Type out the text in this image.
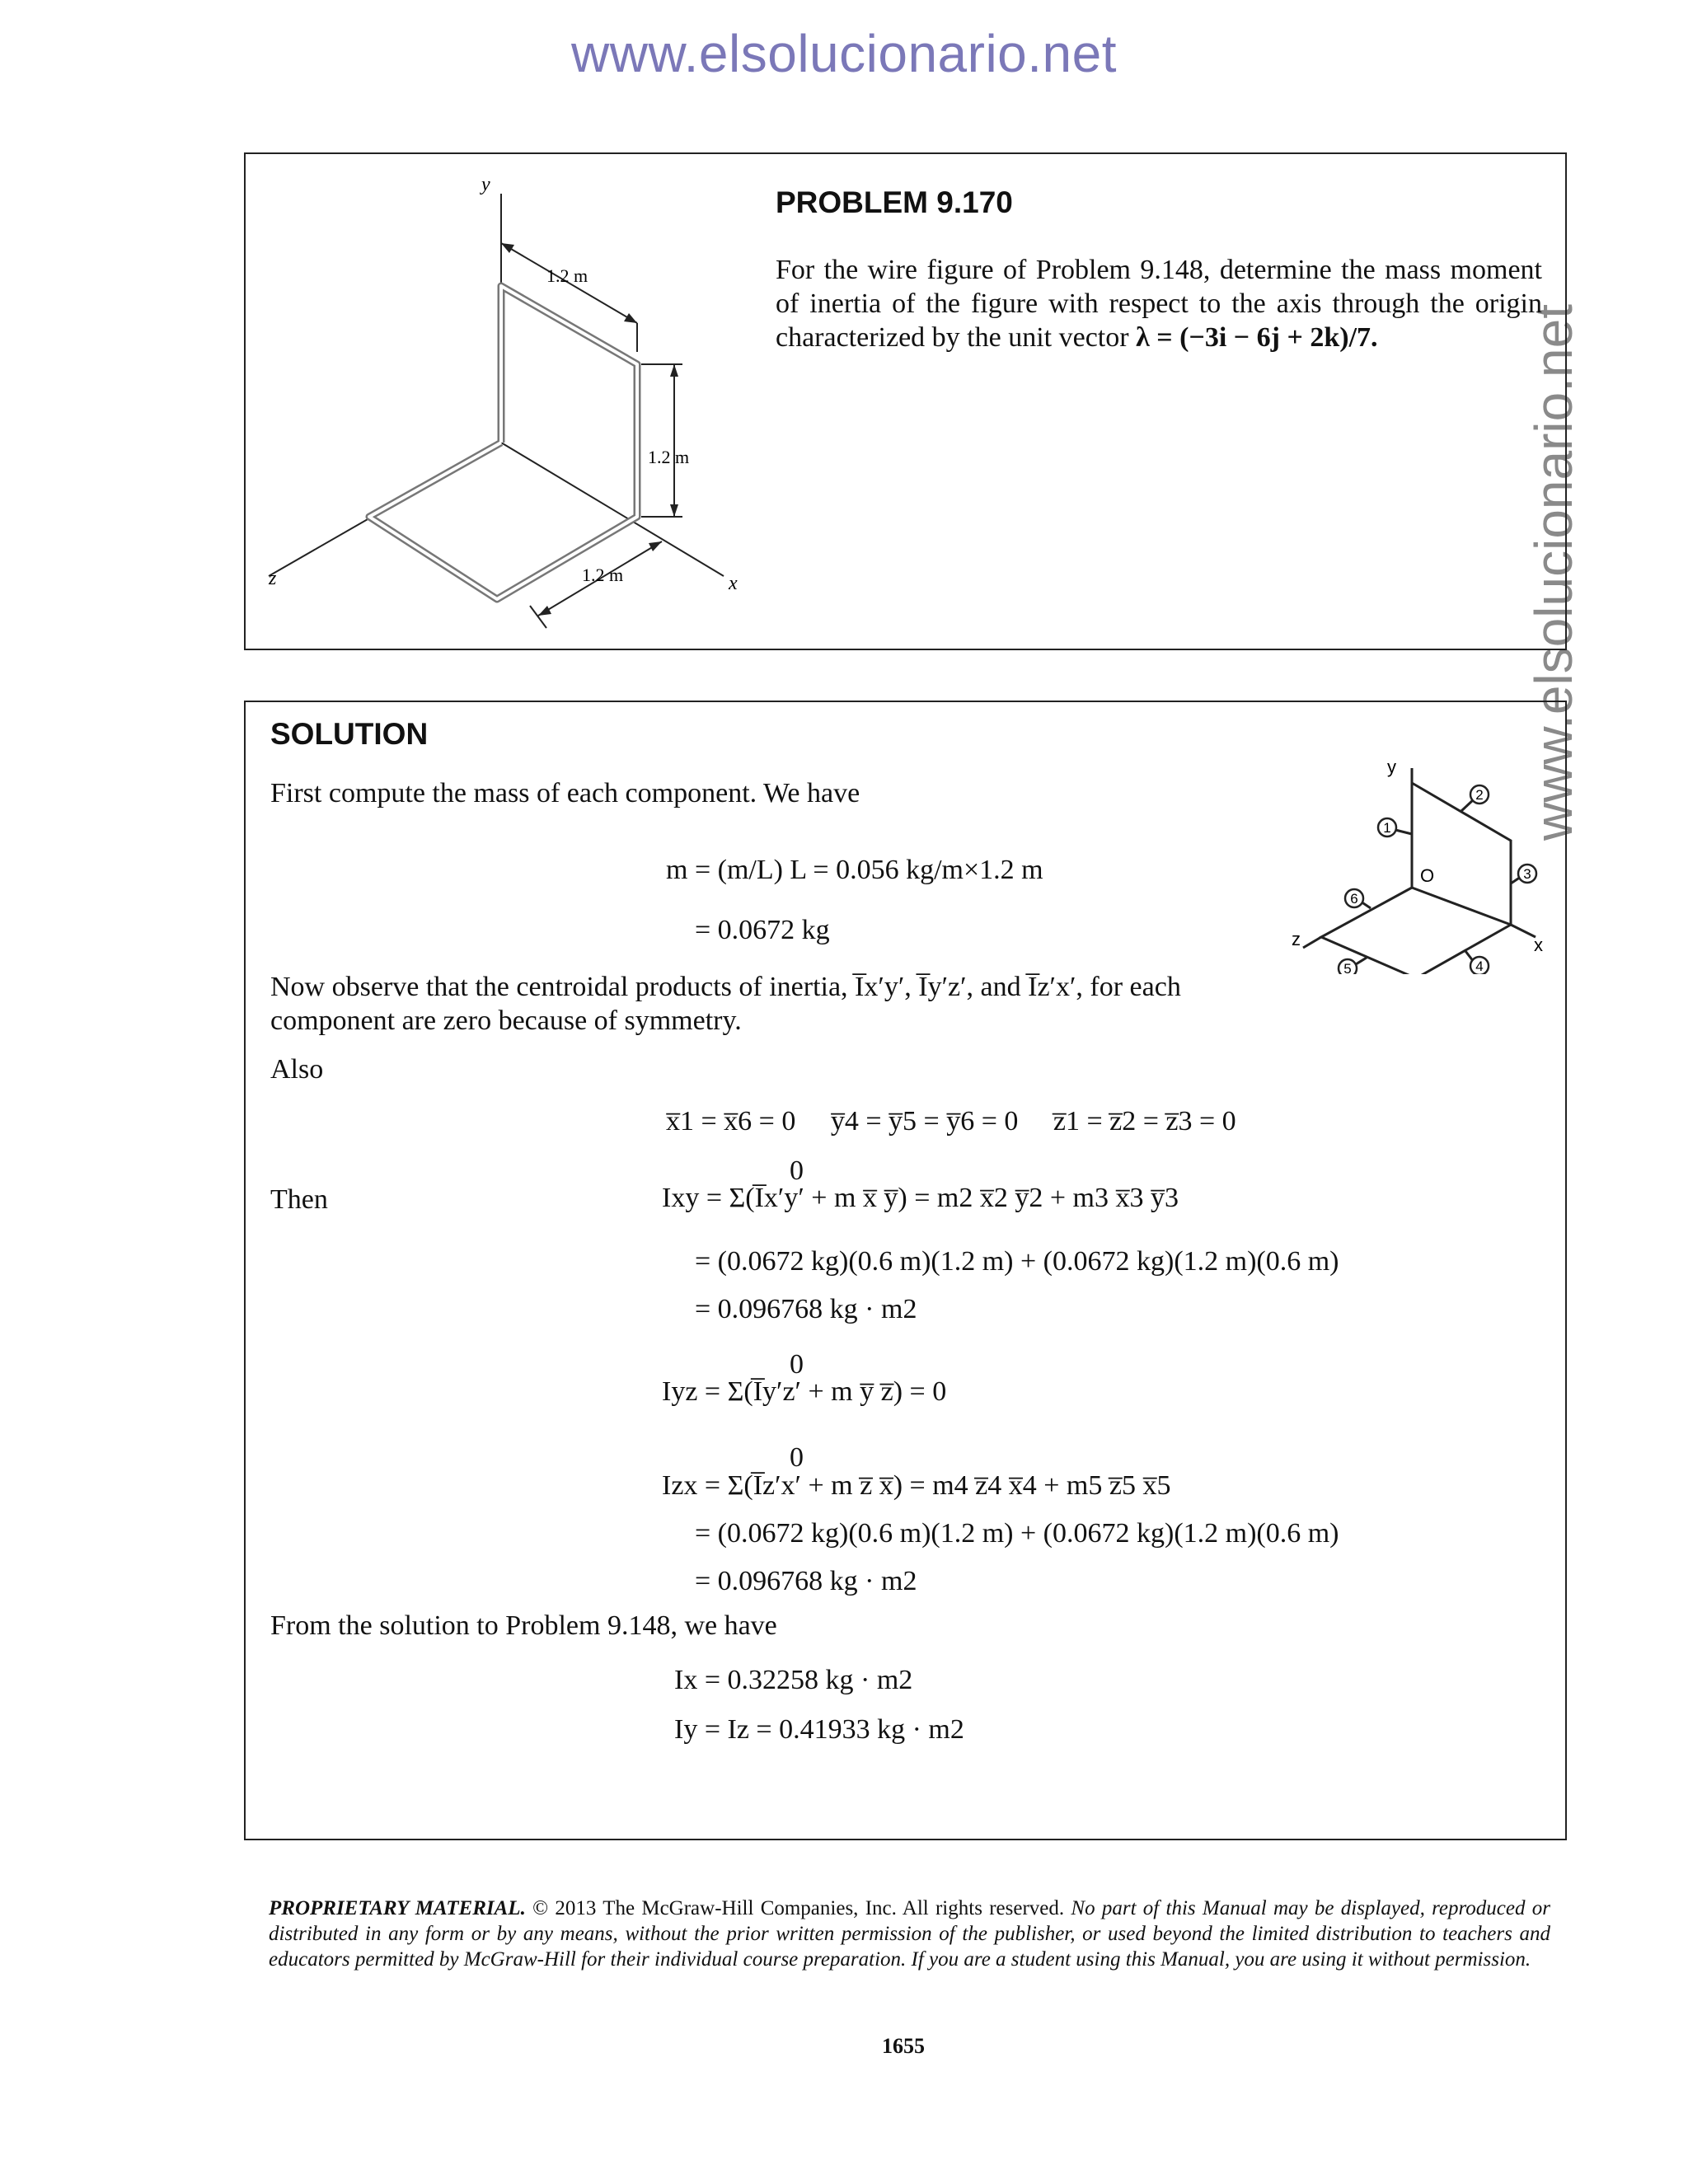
www.elsolucionario.net
www.elsolucionario.net
y
z	x
1.2 m
1.2 m
1.2 m
PROBLEM 9.170
For the wire figure of Problem 9.148, determine the mass moment of inertia of the figure with respect to the axis through the origin characterized by the unit vector λ = (−3i − 6j + 2k)/7.
SOLUTION
First compute the mass of each component. We have
1
2
3
4
5
6
y
z	x
O
m = (m/L) L = 0.056 kg/m×1.2 m
= 0.0672 kg
Now observe that the centroidal products of inertia, I̅x′y′, I̅y′z′, and I̅z′x′, for each component are zero because of symmetry.
Also
x̅1 = x̅6 = 0     y̅4 = y̅5 = y̅6 = 0     z̅1 = z̅2 = z̅3 = 0
0
Then	Ixy = Σ(I̅x′y′ + m x̅ y̅) = m2 x̅2 y̅2 + m3 x̅3 y̅3
= (0.0672 kg)(0.6 m)(1.2 m) + (0.0672 kg)(1.2 m)(0.6 m)
= 0.096768 kg · m2
0
Iyz = Σ(I̅y′z′ + m y̅ z̅) = 0
0
Izx = Σ(I̅z′x′ + m z̅ x̅) = m4 z̅4 x̅4 + m5 z̅5 x̅5
= (0.0672 kg)(0.6 m)(1.2 m) + (0.0672 kg)(1.2 m)(0.6 m)
= 0.096768 kg · m2
From the solution to Problem 9.148, we have
Ix = 0.32258 kg · m2
Iy = Iz = 0.41933 kg · m2
PROPRIETARY MATERIAL. © 2013 The McGraw-Hill Companies, Inc. All rights reserved. No part of this Manual may be displayed, reproduced or distributed in any form or by any means, without the prior written permission of the publisher, or used beyond the limited distribution to teachers and educators permitted by McGraw-Hill for their individual course preparation. If you are a student using this Manual, you are using it without permission.
1655
